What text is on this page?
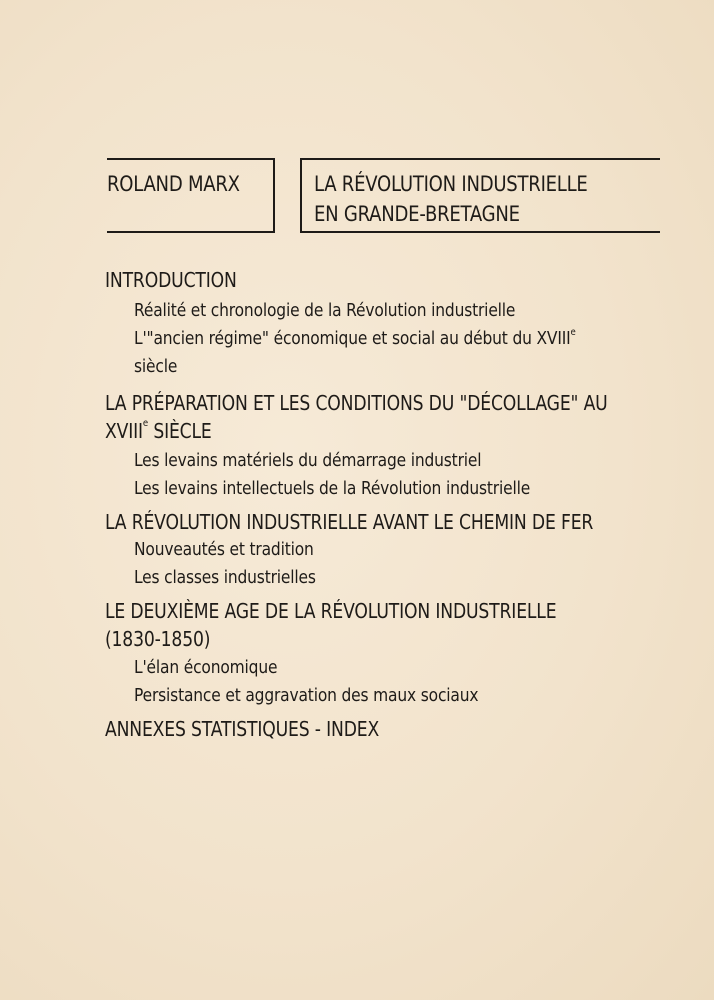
ROLAND MARX	LA RÉVOLUTION INDUSTRIELLE
EN GRANDE-BRETAGNE
INTRODUCTION
Réalité et chronologie de la Révolution industrielle
L'"ancien régime" économique et social au début du XVIIIe
siècle
LA PRÉPARATION ET LES CONDITIONS DU "DÉCOLLAGE" AU
XVIIIe SIÈCLE
Les levains matériels du démarrage industriel
Les levains intellectuels de la Révolution industrielle
LA RÉVOLUTION INDUSTRIELLE AVANT LE CHEMIN DE FER
Nouveautés et tradition
Les classes industrielles
LE DEUXIÈME AGE DE LA RÉVOLUTION INDUSTRIELLE
(1830-1850)
L'élan économique
Persistance et aggravation des maux sociaux
ANNEXES STATISTIQUES - INDEX
